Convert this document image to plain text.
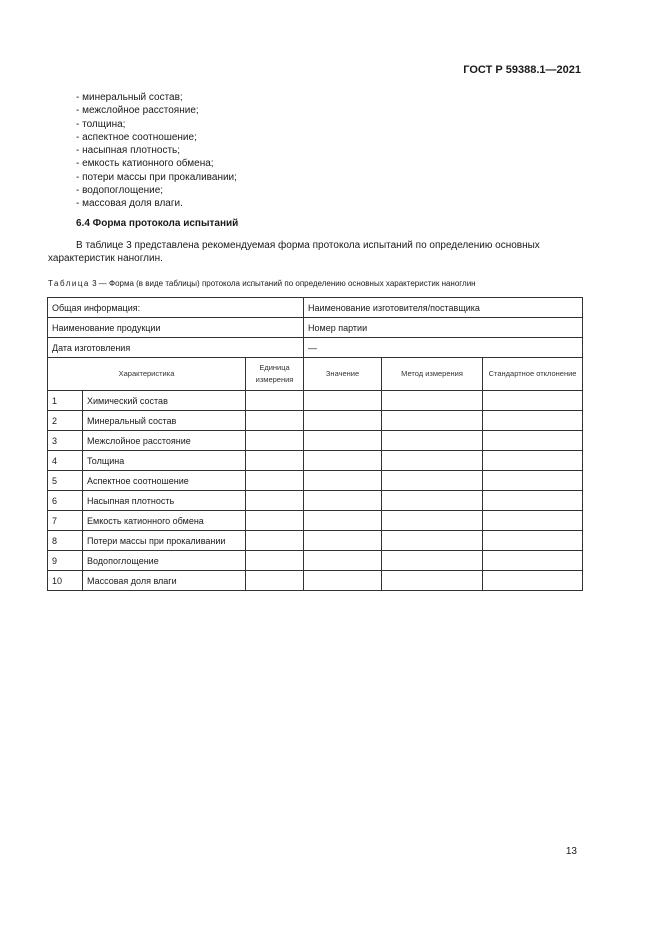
ГОСТ Р 59388.1—2021
- минеральный состав;
- межслойное расстояние;
- толщина;
- аспектное соотношение;
- насыпная плотность;
- емкость катионного обмена;
- потери массы при прокаливании;
- водопоглощение;
- массовая доля влаги.
6.4 Форма протокола испытаний

В таблице 3 представлена рекомендуемая форма протокола испытаний по определению основных характеристик наноглин.

Таблица 3 — Форма (в виде таблицы) протокола испытаний по определению основных характеристик наноглин
Общая информация:			Наименование изготовителя/поставщика		
Наименование продукции			Номер партии		
Дата изготовления			—		
Характеристика		Единица измерения	Значение	Метод измерения	Стандартное отклонение
1	Химический состав				
2	Минеральный состав				
3	Межслойное расстояние				
4	Толщина				
5	Аспектное соотношение				
6	Насыпная плотность				
7	Емкость катионного обмена				
8	Потери массы при прокаливании				
9	Водопоглощение				
10	Массовая доля влаги				
13
